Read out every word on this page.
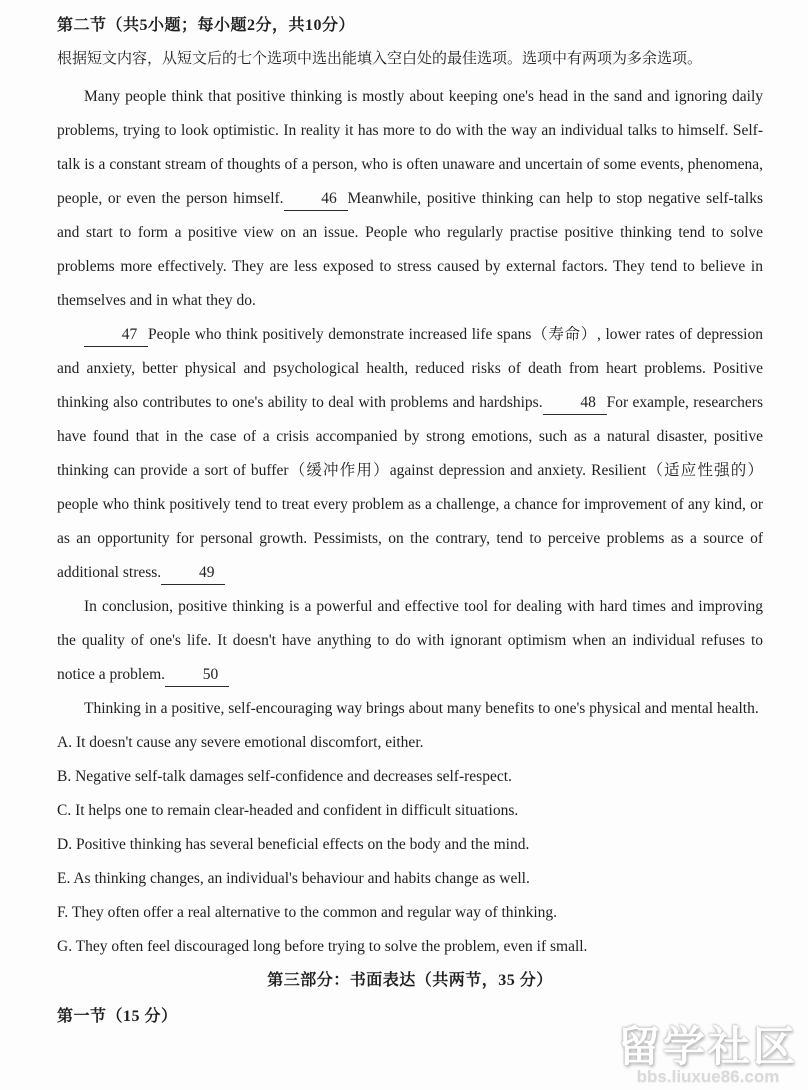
第二节（共5小题；每小题2分，共10分）
根据短文内容，从短文后的七个选项中选出能填入空白处的最佳选项。选项中有两项为多余选项。

Many people think that positive thinking is mostly about keeping one's head in the sand and ignoring daily problems, trying to look optimistic. In reality it has more to do with the way an individual talks to himself. Self-talk is a constant stream of thoughts of a person, who is often unaware and uncertain of some events, phenomena, people, or even the person himself. 46 Meanwhile, positive thinking can help to stop negative self-talks and start to form a positive view on an issue. People who regularly practise positive thinking tend to solve problems more effectively. They are less exposed to stress caused by external factors. They tend to believe in themselves and in what they do.

47 People who think positively demonstrate increased life spans（寿命）, lower rates of depression and anxiety, better physical and psychological health, reduced risks of death from heart problems. Positive thinking also contributes to one's ability to deal with problems and hardships. 48 For example, researchers have found that in the case of a crisis accompanied by strong emotions, such as a natural disaster, positive thinking can provide a sort of buffer（缓冲作用）against depression and anxiety. Resilient（适应性强的）people who think positively tend to treat every problem as a challenge, a chance for improvement of any kind, or as an opportunity for personal growth. Pessimists, on the contrary, tend to perceive problems as a source of additional stress. 49

In conclusion, positive thinking is a powerful and effective tool for dealing with hard times and improving the quality of one's life. It doesn't have anything to do with ignorant optimism when an individual refuses to notice a problem. 50

Thinking in a positive, self-encouraging way brings about many benefits to one's physical and mental health.

A. It doesn't cause any severe emotional discomfort, either.
B. Negative self-talk damages self-confidence and decreases self-respect.
C. It helps one to remain clear-headed and confident in difficult situations.
D. Positive thinking has several beneficial effects on the body and the mind.
E. As thinking changes, an individual's behaviour and habits change as well.
F. They often offer a real alternative to the common and regular way of thinking.
G. They often feel discouraged long before trying to solve the problem, even if small.
第三部分：书面表达（共两节，35 分）
第一节（15 分）
留学社区
bbs.liuxue86.com
